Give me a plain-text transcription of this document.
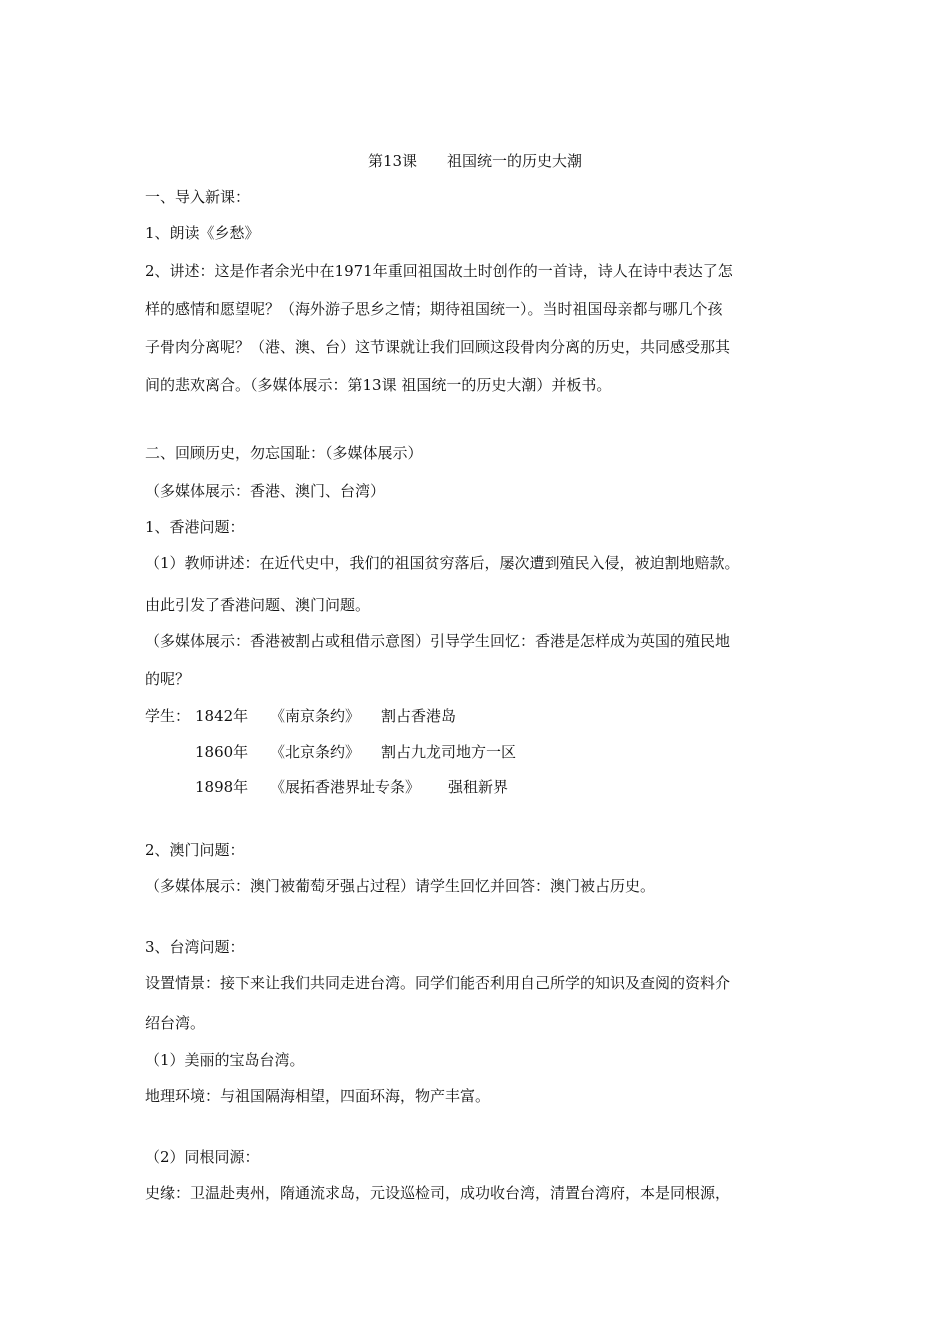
第13课　　祖国统一的历史大潮
一、导入新课：
1、朗读《乡愁》
2、讲述：这是作者余光中在1971年重回祖国故土时创作的一首诗，诗人在诗中表达了怎
样的感情和愿望呢？（海外游子思乡之情；期待祖国统一）。当时祖国母亲都与哪几个孩
子骨肉分离呢？（港、澳、台）这节课就让我们回顾这段骨肉分离的历史，共同感受那其
间的悲欢离合。（多媒体展示：第13课 祖国统一的历史大潮）并板书。
二、回顾历史，勿忘国耻：（多媒体展示）
（多媒体展示：香港、澳门、台湾）
1、香港问题：
（1）教师讲述：在近代史中，我们的祖国贫穷落后，屡次遭到殖民入侵，被迫割地赔款。
由此引发了香港问题、澳门问题。
（多媒体展示：香港被割占或租借示意图）引导学生回忆：香港是怎样成为英国的殖民地
的呢？
学生： 1842年 《南京条约》 割占香港岛
1860年 《北京条约》 割占九龙司地方一区
1898年 《展拓香港界址专条》 强租新界
2、澳门问题：
（多媒体展示：澳门被葡萄牙强占过程）请学生回忆并回答：澳门被占历史。
3、台湾问题：
设置情景：接下来让我们共同走进台湾。同学们能否利用自己所学的知识及查阅的资料介
绍台湾。
（1）美丽的宝岛台湾。
地理环境：与祖国隔海相望，四面环海，物产丰富。
（2）同根同源：
史缘：卫温赴夷州，隋通流求岛，元设巡检司，成功收台湾，清置台湾府，本是同根源，
